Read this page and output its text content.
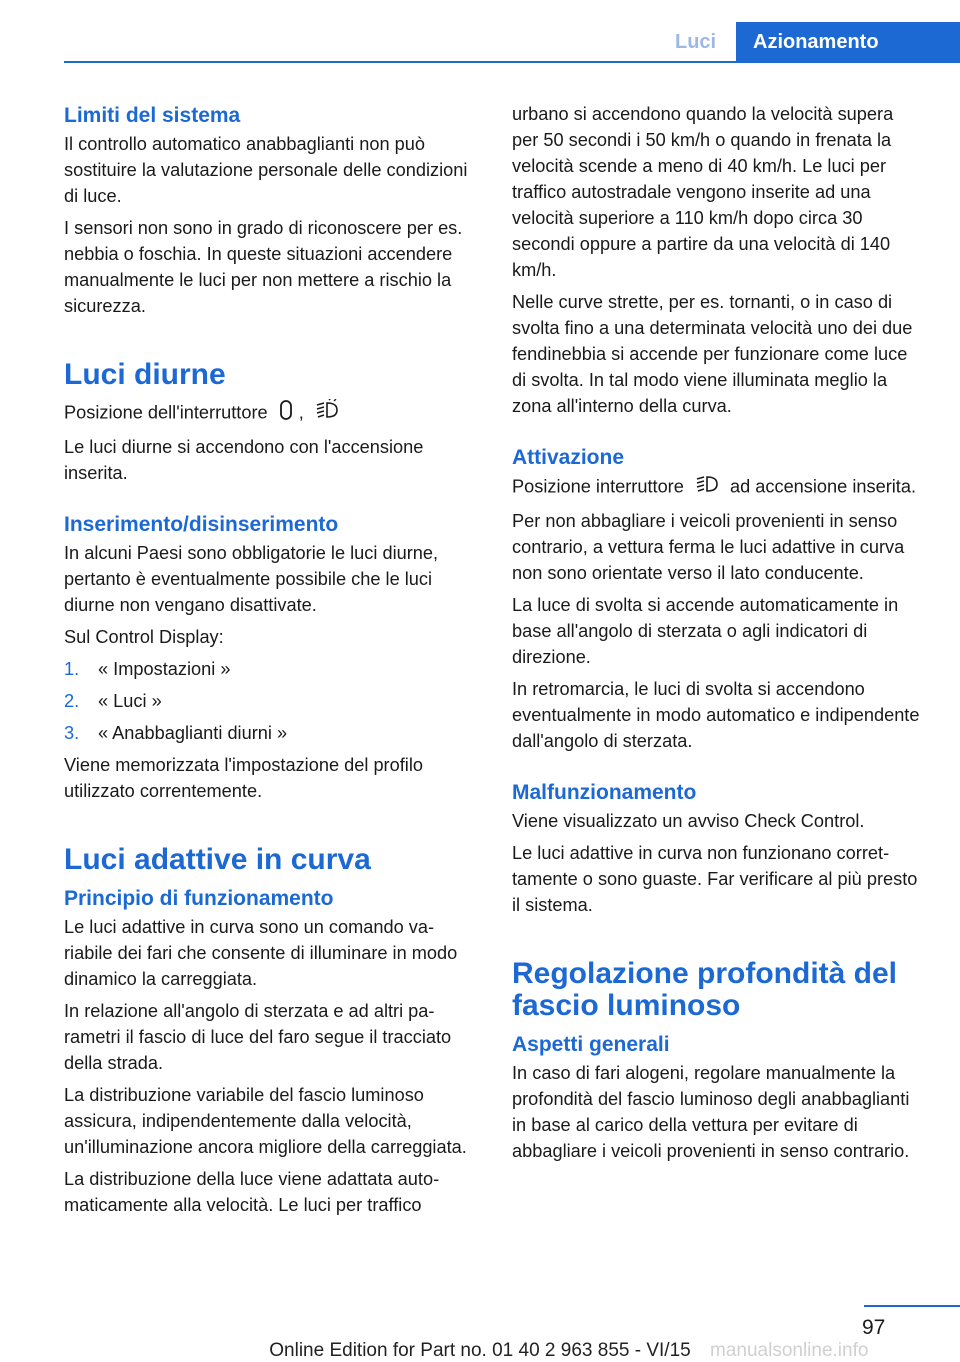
Luci	Azionamento
Limiti del sistema

Il controllo automatico anabbaglianti non può sostituire la valutazione personale delle condizioni di luce.

I sensori non sono in grado di riconoscere per es. nebbia o foschia. In queste situazioni accendere manualmente le luci per non mettere a rischio la sicurezza.

Luci diurne

Posizione dell'interruttore ,

Le luci diurne si accendono con l'accensione inserita.

Inserimento/disinserimento

In alcuni Paesi sono obbligatorie le luci diurne, pertanto è eventualmente possibile che le luci diurne non vengano disattivate.

Sul Control Display:

1.	« Impostazioni »
2.	« Luci »
3.	« Anabbaglianti diurni »

Viene memorizzata l'impostazione del profilo utilizzato correntemente.

Luci adattive in curva
Principio di funzionamento

Le luci adattive in curva sono un comando variabile dei fari che consente di illuminare in modo dinamico la carreggiata.

In relazione all'angolo di sterzata e ad altri parametri il fascio di luce del faro segue il tracciato della strada.

La distribuzione variabile del fascio luminoso assicura, indipendentemente dalla velocità, un'illuminazione ancora migliore della carreggiata.

La distribuzione della luce viene adattata automaticamente alla velocità. Le luci per traffico

urbano si accendono quando la velocità supera per 50 secondi i 50 km/h o quando in frenata la velocità scende a meno di 40 km/h. Le luci per traffico autostradale vengono inserite ad una velocità superiore a 110 km/h dopo circa 30 secondi oppure a partire da una velocità di 140 km/h.

Nelle curve strette, per es. tornanti, o in caso di svolta fino a una determinata velocità uno dei due fendinebbia si accende per funzionare come luce di svolta. In tal modo viene illuminata meglio la zona all'interno della curva.

Attivazione

Posizione interruttore	ad accensione inserita.

Per non abbagliare i veicoli provenienti in senso contrario, a vettura ferma le luci adattive in curva non sono orientate verso il lato conducente.

La luce di svolta si accende automaticamente in base all'angolo di sterzata o agli indicatori di direzione.

In retromarcia, le luci di svolta si accendono eventualmente in modo automatico e indipendente dall'angolo di sterzata.

Malfunzionamento

Viene visualizzato un avviso Check Control.

Le luci adattive in curva non funzionano correttamente o sono guaste. Far verificare al più presto il sistema.

Regolazione profondità del fascio luminoso
Aspetti generali

In caso di fari alogeni, regolare manualmente la profondità del fascio luminoso degli anabbaglianti in base al carico della vettura per evitare di abbagliare i veicoli provenienti in senso contrario.

97
Online Edition for Part no. 01 40 2 963 855 - VI/15	manualsonline.info
